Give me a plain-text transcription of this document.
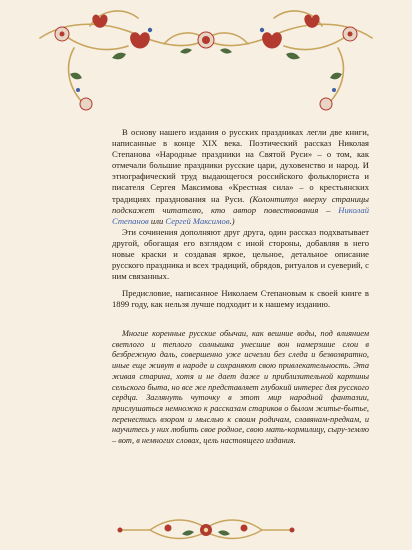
В основу нашего издания о русских праздниках легли две книги, написанные в конце XIX века. Поэтический рассказ Николая Степанова «Народные праздники на Святой Руси» – о том, как отмечали большие праздники русские цари, духовенство и народ. И этнографический труд выдающегося российского фольклориста и писателя Сергея Максимова «Крестная сила» – о крестьянских традициях празднования на Руси. (Колонтитул вверху страницы подскажет читателю, кто автор повествования – Николай Степанов или Сергей Максимов.)

Эти сочинения дополняют друг друга, один рассказ подхватывает другой, обогащая его взглядом с иной стороны, добавляя в него новые краски и создавая яркое, цельное, детальное описание русского праздника и всех традиций, обрядов, ритуалов и суеверий, с ним связанных.

Предисловие, написанное Николаем Степановым к своей книге в 1899 году, как нельзя лучше подходит и к нашему изданию.

Многие коренные русские обычаи, как вешние воды, под влиянием светлого и теплого солнышка унесшие вон намерзшие слои в безбрежную даль, совершенно уже исчезли без следа и безвозвратно, иные еще живут в народе и сохраняют свою привлекательность. Эта живая старина, хотя и не дает даже и приблизительной картины сельского быта, но все же представляет глубокий интерес для русского сердца. Заглянуть чуточку в этот мир народной фантазии, прислушаться немножко к рассказам стариков о былом житье-бытье, перенестись взором и мыслью к своим родичам, славянам-предкам, и научитесь у них любить свое родное, свою мать-кормилицу, сыру-землю – вот, в немногих словах, цель настоящего издания.
